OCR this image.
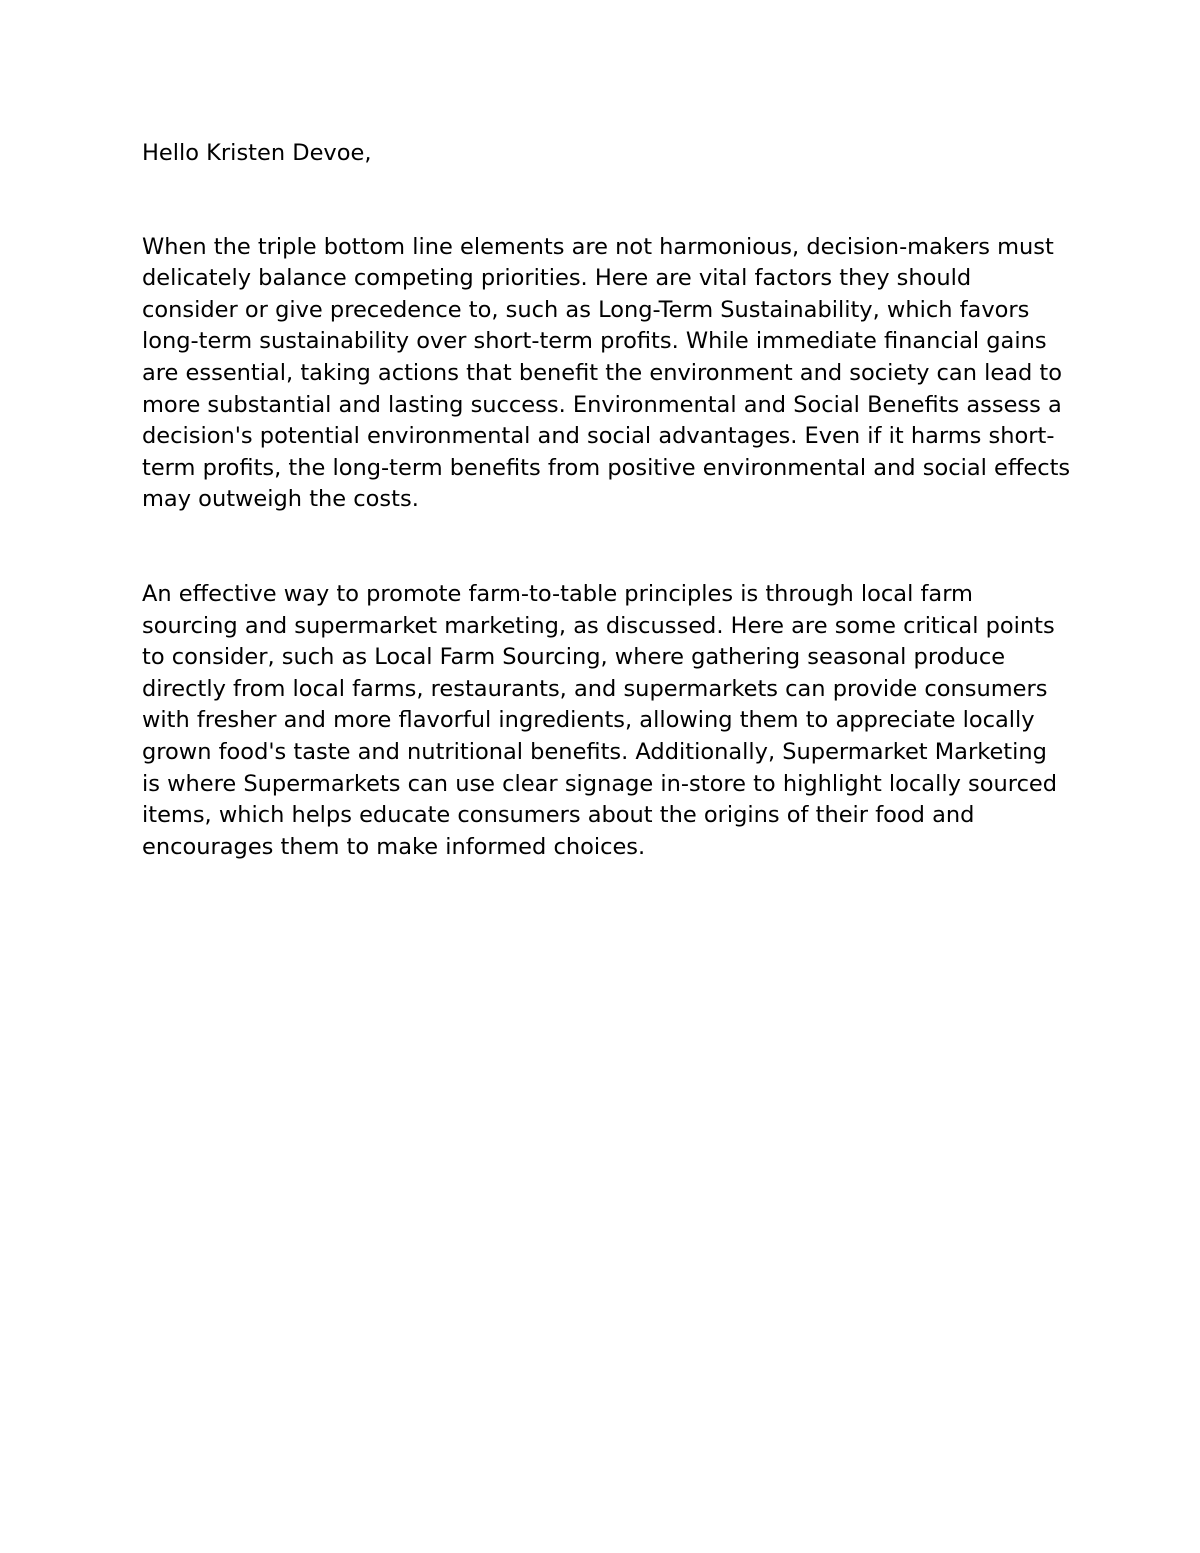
Hello Kristen Devoe,

When the triple bottom line elements are not harmonious, decision-makers must delicately balance competing priorities. Here are vital factors they should consider or give precedence to, such as Long-Term Sustainability, which favors long-term sustainability over short-term profits. While immediate financial gains are essential, taking actions that benefit the environment and society can lead to more substantial and lasting success. Environmental and Social Benefits assess a decision's potential environmental and social advantages. Even if it harms short-term profits, the long-term benefits from positive environmental and social effects may outweigh the costs.

An effective way to promote farm-to-table principles is through local farm sourcing and supermarket marketing, as discussed. Here are some critical points to consider, such as Local Farm Sourcing, where gathering seasonal produce directly from local farms, restaurants, and supermarkets can provide consumers with fresher and more flavorful ingredients, allowing them to appreciate locally grown food's taste and nutritional benefits. Additionally, Supermarket Marketing is where Supermarkets can use clear signage in-store to highlight locally sourced items, which helps educate consumers about the origins of their food and encourages them to make informed choices.
